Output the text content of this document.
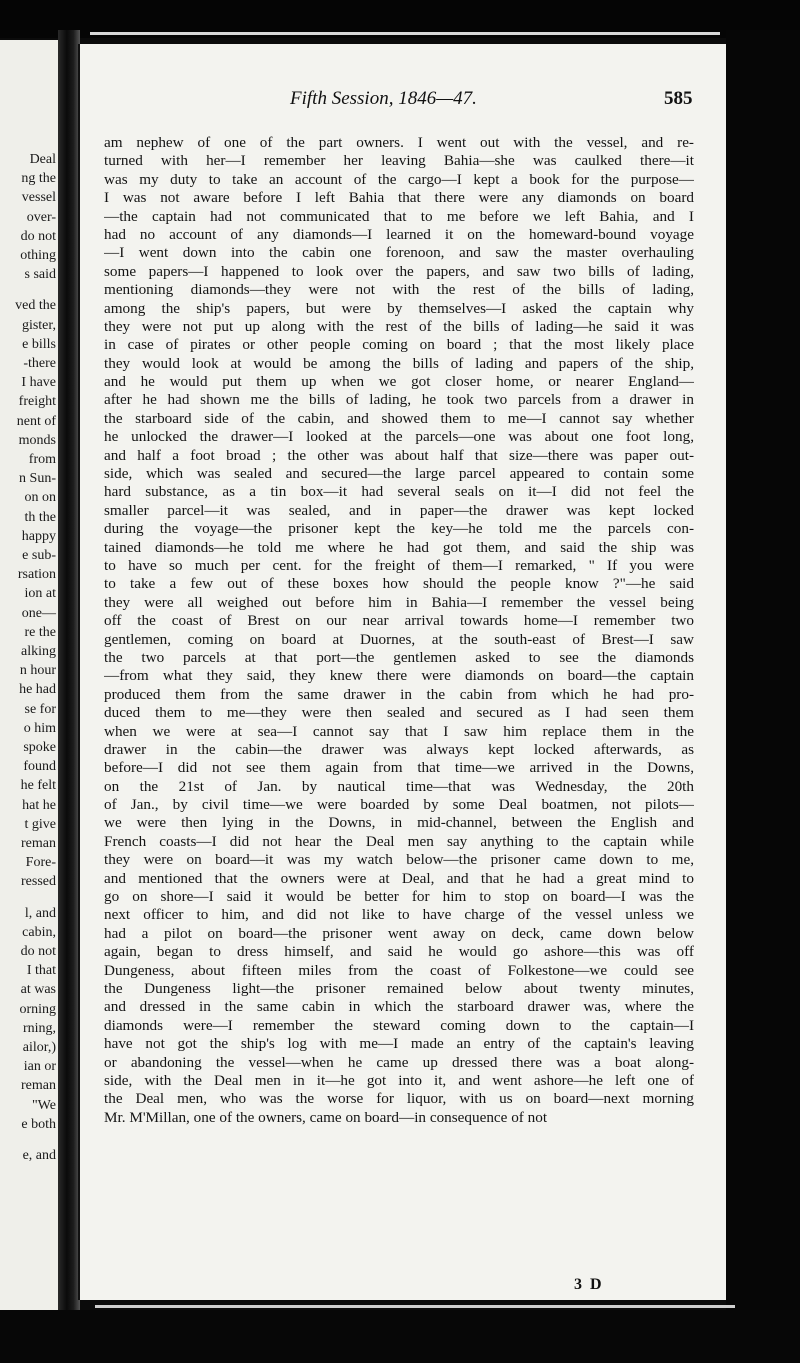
Deal
ng the
vessel
over-
do not
othing
s said
ved the
gister,
e bills
-there
I have
freight
nent of
monds
from
n Sun-
on on
th the
happy
e sub-
rsation
ion at
one—
re the
alking
n hour
he had
se for
o him
spoke
found
he felt
hat he
t give
reman
Fore-
ressed
l, and
cabin,
do not
I that
at was
orning
rning,
ailor,)
ian or
reman
"We
e both
e, and
Fifth Session, 1846—47.	585
am nephew of one of the part owners. I went out with the vessel, and re-
turned with her—I remember her leaving Bahia—she was caulked there—it
was my duty to take an account of the cargo—I kept a book for the purpose—
I was not aware before I left Bahia that there were any diamonds on board
—the captain had not communicated that to me before we left Bahia, and I
had no account of any diamonds—I learned it on the homeward-bound voyage
—I went down into the cabin one forenoon, and saw the master overhauling
some papers—I happened to look over the papers, and saw two bills of lading,
mentioning diamonds—they were not with the rest of the bills of lading,
among the ship's papers, but were by themselves—I asked the captain why
they were not put up along with the rest of the bills of lading—he said it was
in case of pirates or other people coming on board ; that the most likely place
they would look at would be among the bills of lading and papers of the ship,
and he would put them up when we got closer home, or nearer England—
after he had shown me the bills of lading, he took two parcels from a drawer in
the starboard side of the cabin, and showed them to me—I cannot say whether
he unlocked the drawer—I looked at the parcels—one was about one foot long,
and half a foot broad ; the other was about half that size—there was paper out-
side, which was sealed and secured—the large parcel appeared to contain some
hard substance, as a tin box—it had several seals on it—I did not feel the
smaller parcel—it was sealed, and in paper—the drawer was kept locked
during the voyage—the prisoner kept the key—he told me the parcels con-
tained diamonds—he told me where he had got them, and said the ship was
to have so much per cent. for the freight of them—I remarked, " If you were
to take a few out of these boxes how should the people know ?"—he said
they were all weighed out before him in Bahia—I remember the vessel being
off the coast of Brest on our near arrival towards home—I remember two
gentlemen, coming on board at Duornes, at the south-east of Brest—I saw
the two parcels at that port—the gentlemen asked to see the diamonds
—from what they said, they knew there were diamonds on board—the captain
produced them from the same drawer in the cabin from which he had pro-
duced them to me—they were then sealed and secured as I had seen them
when we were at sea—I cannot say that I saw him replace them in the
drawer in the cabin—the drawer was always kept locked afterwards, as
before—I did not see them again from that time—we arrived in the Downs,
on the 21st of Jan. by nautical time—that was Wednesday, the 20th
of Jan., by civil time—we were boarded by some Deal boatmen, not pilots—
we were then lying in the Downs, in mid-channel, between the English and
French coasts—I did not hear the Deal men say anything to the captain while
they were on board—it was my watch below—the prisoner came down to me,
and mentioned that the owners were at Deal, and that he had a great mind to
go on shore—I said it would be better for him to stop on board—I was the
next officer to him, and did not like to have charge of the vessel unless we
had a pilot on board—the prisoner went away on deck, came down below
again, began to dress himself, and said he would go ashore—this was off
Dungeness, about fifteen miles from the coast of Folkestone—we could see
the Dungeness light—the prisoner remained below about twenty minutes,
and dressed in the same cabin in which the starboard drawer was, where the
diamonds were—I remember the steward coming down to the captain—I
have not got the ship's log with me—I made an entry of the captain's leaving
or abandoning the vessel—when he came up dressed there was a boat along-
side, with the Deal men in it—he got into it, and went ashore—he left one of
the Deal men, who was the worse for liquor, with us on board—next morning
Mr. M'Millan, one of the owners, came on board—in consequence of not
3 D
